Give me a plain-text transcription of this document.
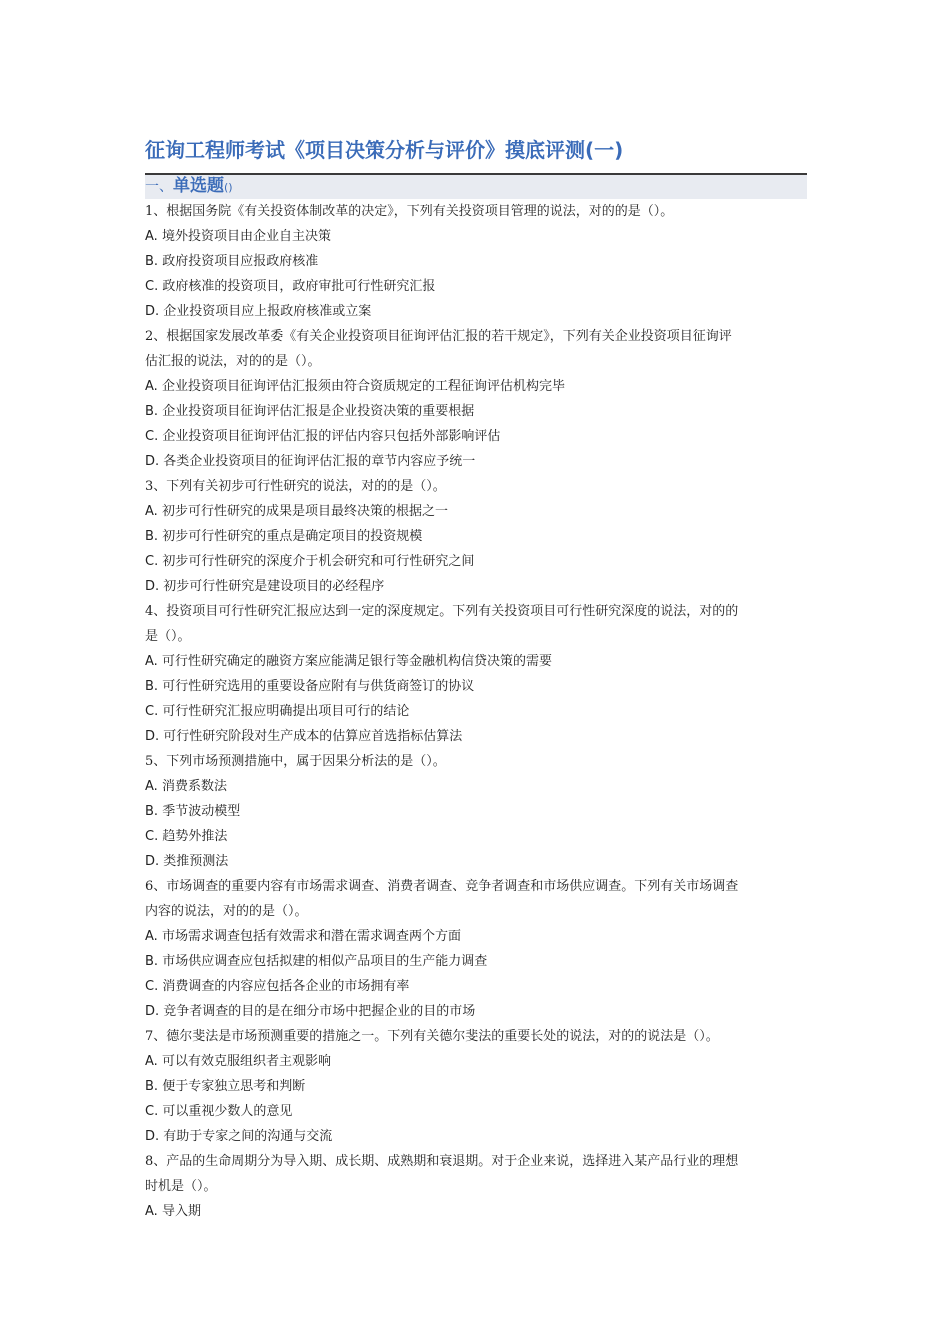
征询工程师考试《项目决策分析与评价》摸底评测(一)
一、单选题()
1、根据国务院《有关投资体制改革的决定》，下列有关投资项目管理的说法，对的的是（）。
A. 境外投资项目由企业自主决策
B. 政府投资项目应报政府核准
C. 政府核准的投资项目，政府审批可行性研究汇报
D. 企业投资项目应上报政府核准或立案
2、根据国家发展改革委《有关企业投资项目征询评估汇报的若干规定》，下列有关企业投资项目征询评
估汇报的说法，对的的是（）。
A. 企业投资项目征询评估汇报须由符合资质规定的工程征询评估机构完毕
B. 企业投资项目征询评估汇报是企业投资决策的重要根据
C. 企业投资项目征询评估汇报的评估内容只包括外部影响评估
D. 各类企业投资项目的征询评估汇报的章节内容应予统一
3、下列有关初步可行性研究的说法，对的的是（）。
A. 初步可行性研究的成果是项目最终决策的根据之一
B. 初步可行性研究的重点是确定项目的投资规模
C. 初步可行性研究的深度介于机会研究和可行性研究之间
D. 初步可行性研究是建设项目的必经程序
4、投资项目可行性研究汇报应达到一定的深度规定。下列有关投资项目可行性研究深度的说法，对的的
是（）。
A. 可行性研究确定的融资方案应能满足银行等金融机构信贷决策的需要
B. 可行性研究选用的重要设备应附有与供货商签订的协议
C. 可行性研究汇报应明确提出项目可行的结论
D. 可行性研究阶段对生产成本的估算应首选指标估算法
5、下列市场预测措施中，属于因果分析法的是（）。
A. 消费系数法
B. 季节波动模型
C. 趋势外推法
D. 类推预测法
6、市场调查的重要内容有市场需求调查、消费者调查、竞争者调查和市场供应调查。下列有关市场调查
内容的说法，对的的是（）。
A. 市场需求调查包括有效需求和潜在需求调查两个方面
B. 市场供应调查应包括拟建的相似产品项目的生产能力调查
C. 消费调查的内容应包括各企业的市场拥有率
D. 竞争者调查的目的是在细分市场中把握企业的目的市场
7、德尔斐法是市场预测重要的措施之一。下列有关德尔斐法的重要长处的说法，对的的说法是（）。
A. 可以有效克服组织者主观影响
B. 便于专家独立思考和判断
C. 可以重视少数人的意见
D. 有助于专家之间的沟通与交流
8、产品的生命周期分为导入期、成长期、成熟期和衰退期。对于企业来说，选择进入某产品行业的理想
时机是（）。
A. 导入期
